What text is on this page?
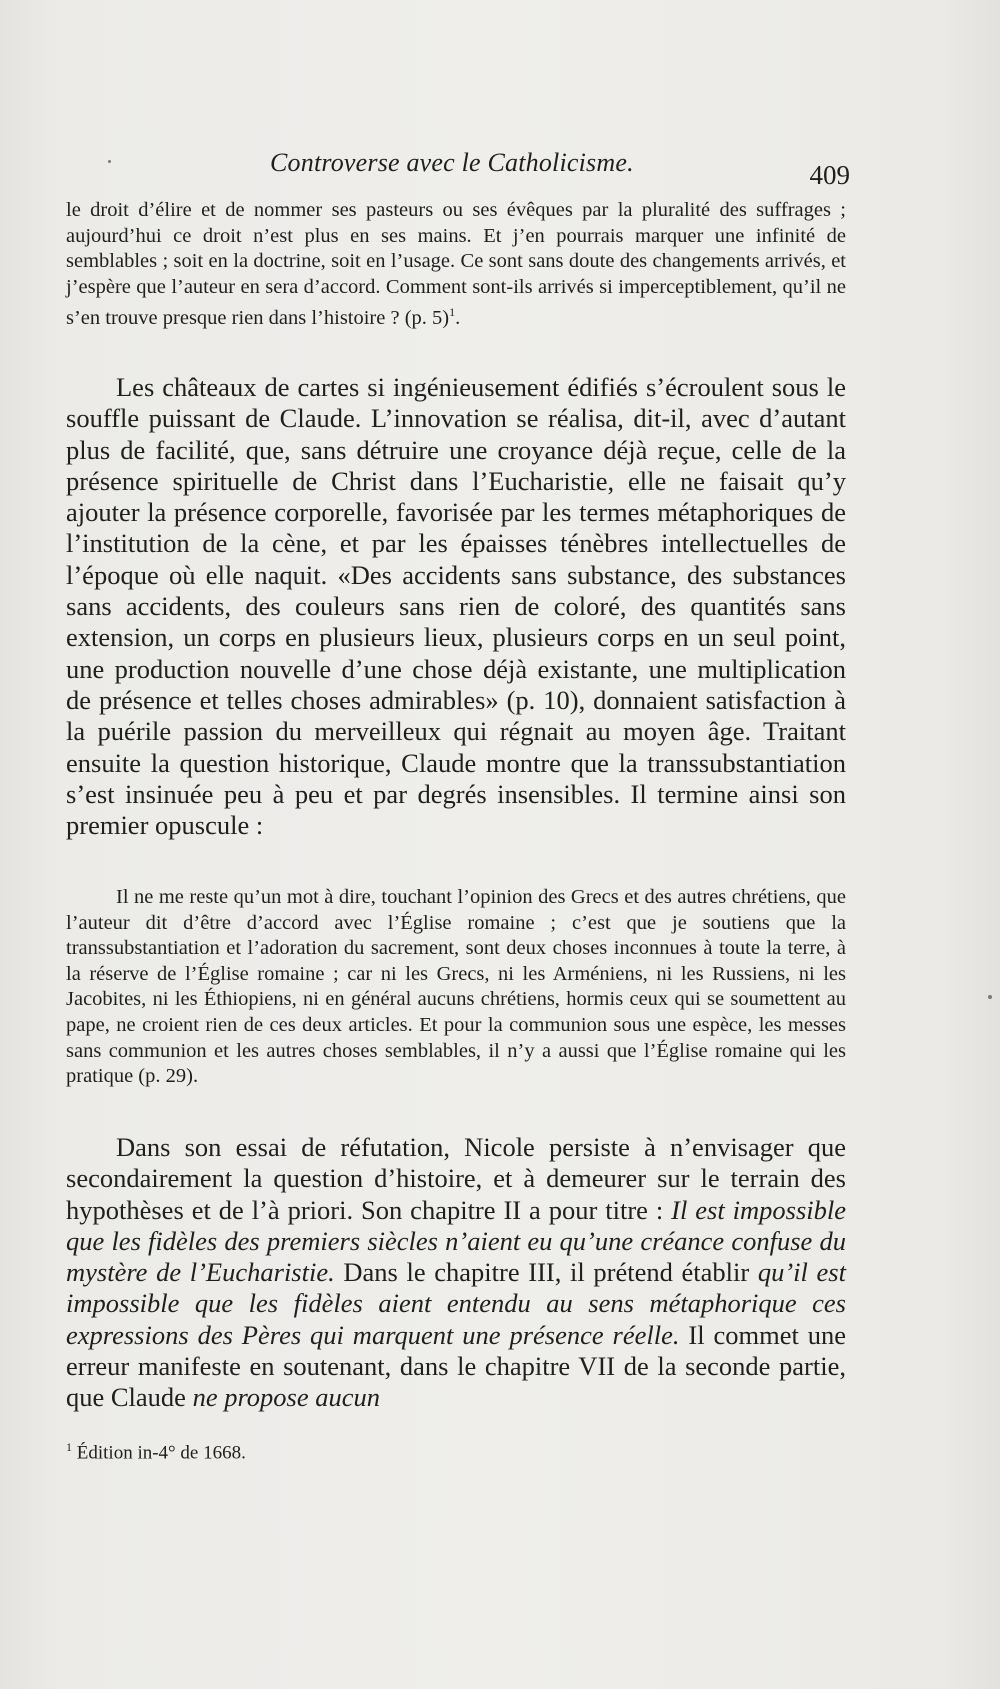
Controverse avec le Catholicisme.	409
le droit d’élire et de nommer ses pasteurs ou ses évêques par la pluralité des suffrages ; aujourd’hui ce droit n’est plus en ses mains. Et j’en pourrais marquer une infinité de semblables ; soit en la doctrine, soit en l’usage. Ce sont sans doute des changements arrivés, et j’espère que l’auteur en sera d’accord. Comment sont-ils arrivés si imperceptiblement, qu’il ne s’en trouve presque rien dans l’histoire ? (p. 5)$^1$.
Les châteaux de cartes si ingénieusement édifiés s’écroulent sous le souffle puissant de Claude. L’innovation se réalisa, dit-il, avec d’autant plus de facilité, que, sans détruire une croyance déjà reçue, celle de la présence spirituelle de Christ dans l’Eucharistie, elle ne faisait qu’y ajouter la présence corporelle, favorisée par les termes métaphoriques de l’institution de la cène, et par les épaisses ténèbres intellectuelles de l’époque où elle naquit. «Des accidents sans substance, des substances sans accidents, des couleurs sans rien de coloré, des quantités sans extension, un corps en plusieurs lieux, plusieurs corps en un seul point, une production nouvelle d’une chose déjà existante, une multiplication de présence et telles choses admirables» (p. 10), donnaient satisfaction à la puérile passion du merveilleux qui régnait au moyen âge. Traitant ensuite la question historique, Claude montre que la transsubstantiation s’est insinuée peu à peu et par degrés insensibles. Il termine ainsi son premier opuscule :
Il ne me reste qu’un mot à dire, touchant l’opinion des Grecs et des autres chrétiens, que l’auteur dit d’être d’accord avec l’Église romaine ; c’est que je soutiens que la transsubstantiation et l’adoration du sacrement, sont deux choses inconnues à toute la terre, à la réserve de l’Église romaine ; car ni les Grecs, ni les Arméniens, ni les Russiens, ni les Jacobites, ni les Éthiopiens, ni en général aucuns chrétiens, hormis ceux qui se soumettent au pape, ne croient rien de ces deux articles. Et pour la communion sous une espèce, les messes sans communion et les autres choses semblables, il n’y a aussi que l’Église romaine qui les pratique (p. 29).
Dans son essai de réfutation, Nicole persiste à n’envisager que secondairement la question d’histoire, et à demeurer sur le terrain des hypothèses et de l’à priori. Son chapitre II a pour titre : Il est impossible que les fidèles des premiers siècles n’aient eu qu’une créance confuse du mystère de l’Eucharistie. Dans le chapitre III, il prétend établir qu’il est impossible que les fidèles aient entendu au sens métaphorique ces expressions des Pères qui marquent une présence réelle. Il commet une erreur manifeste en soutenant, dans le chapitre VII de la seconde partie, que Claude ne propose aucun
$^1$ Édition in-4° de 1668.
